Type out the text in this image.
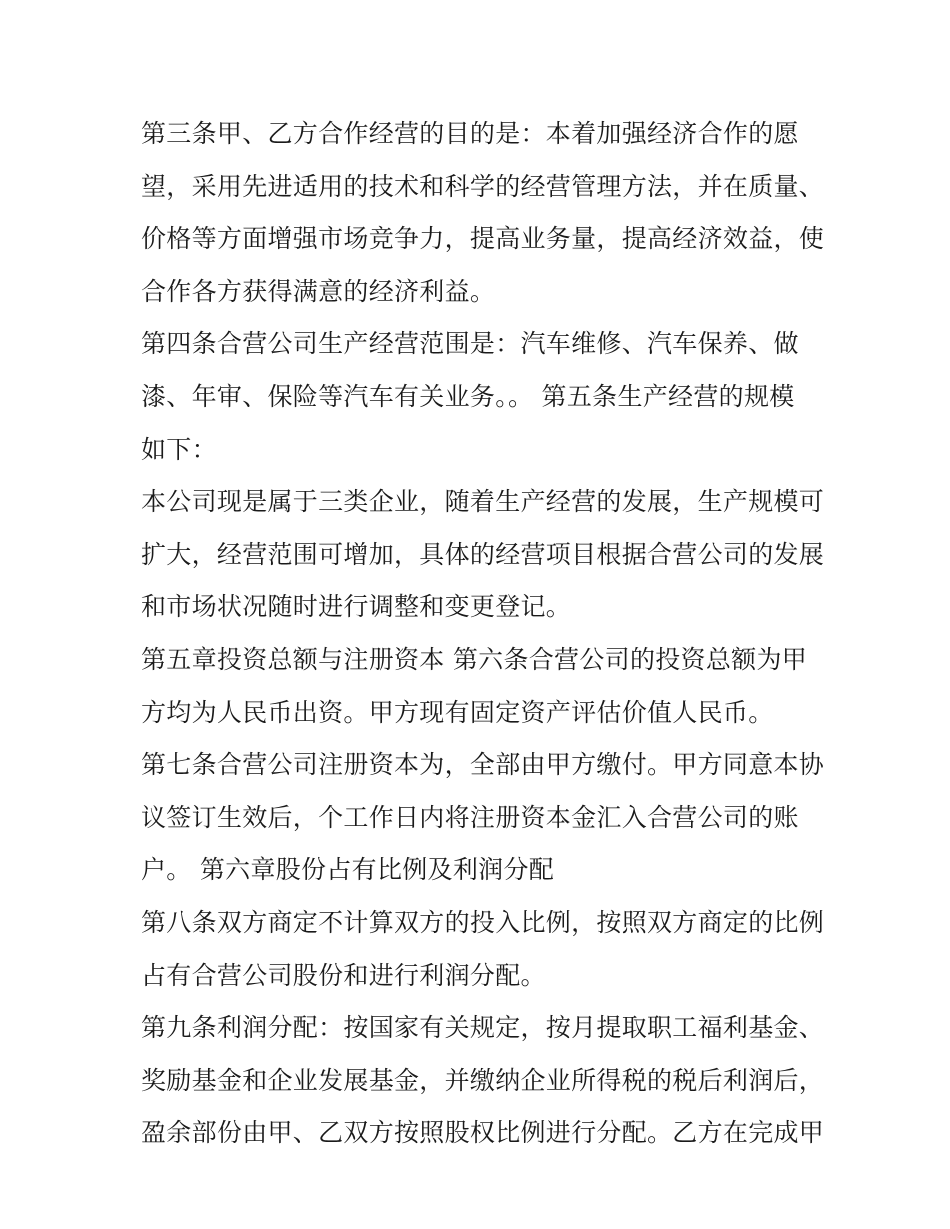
第三条甲、乙方合作经营的目的是：本着加强经济合作的愿
望，采用先进适用的技术和科学的经营管理方法，并在质量、
价格等方面增强市场竞争力，提高业务量，提高经济效益，使
合作各方获得满意的经济利益。
第四条合营公司生产经营范围是：汽车维修、汽车保养、做
漆、年审、保险等汽车有关业务。。 第五条生产经营的规模
如下：
本公司现是属于三类企业，随着生产经营的发展，生产规模可
扩大，经营范围可增加，具体的经营项目根据合营公司的发展
和市场状况随时进行调整和变更登记。
第五章投资总额与注册资本 第六条合营公司的投资总额为甲
方均为人民币出资。甲方现有固定资产评估价值人民币。
第七条合营公司注册资本为，全部由甲方缴付。甲方同意本协
议签订生效后，个工作日内将注册资本金汇入合营公司的账
户。 第六章股份占有比例及利润分配
第八条双方商定不计算双方的投入比例，按照双方商定的比例
占有合营公司股份和进行利润分配。
第九条利润分配：按国家有关规定，按月提取职工福利基金、
奖励基金和企业发展基金，并缴纳企业所得税的税后利润后，
盈余部份由甲、乙双方按照股权比例进行分配。乙方在完成甲
